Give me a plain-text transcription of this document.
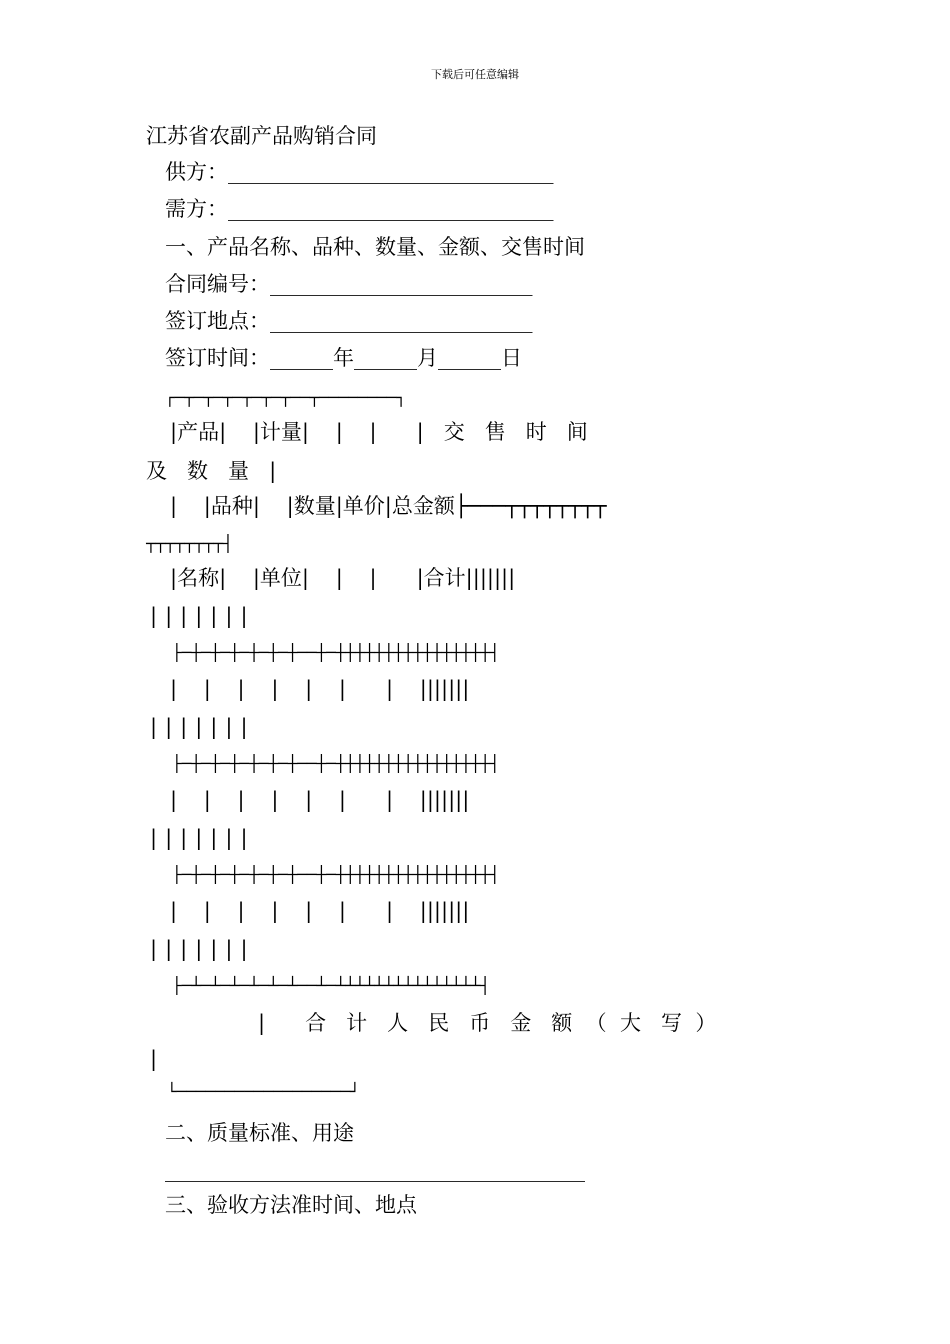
下载后可任意编辑
江苏省农副产品购销合同
供方：_______________________________
需方：_______________________________
一、产品名称、品种、数量、金额、交售时间
合同编号：_________________________
签订地点：_________________________
签订时间：______年______月______日
┌─┬─┬─┬─┬─┬─┬──┬────────┐
|产品|    |计量|    |    |      |   交   售   时   间
及   数   量   |
|    |品种|    |数量|单价|总金额├───┬┬┬┬┬┬┬┬
┬┬┬┬┬┬┬┬┤
|名称|    |单位|    |    |      |合计|||||||
|||||||
├─┼─┼─┼─┼─┼─┼──┼─┼┼┼┼┼┼┼┼┼┼┼┼┼┼┼┼┤
|    |    |    |    |    |      |    |||||||
|||||||
├─┼─┼─┼─┼─┼─┼──┼─┼┼┼┼┼┼┼┼┼┼┼┼┼┼┼┼┤
|    |    |    |    |    |      |    |||||||
|||||||
├─┼─┼─┼─┼─┼─┼──┼─┼┼┼┼┼┼┼┼┼┼┼┼┼┼┼┼┤
|    |    |    |    |    |      |    |||||||
|||||||
├─┴─┴─┴─┴─┴─┴──┴─┴┴┴┴┴┴┴┴┴┴┴┴┴┴┴┤
|      合   计   人   民   币   金   额  （  大   写  ）
|
└──────────────────┘
二、质量标准、用途
________________________________________
三、验收方法准时间、地点
